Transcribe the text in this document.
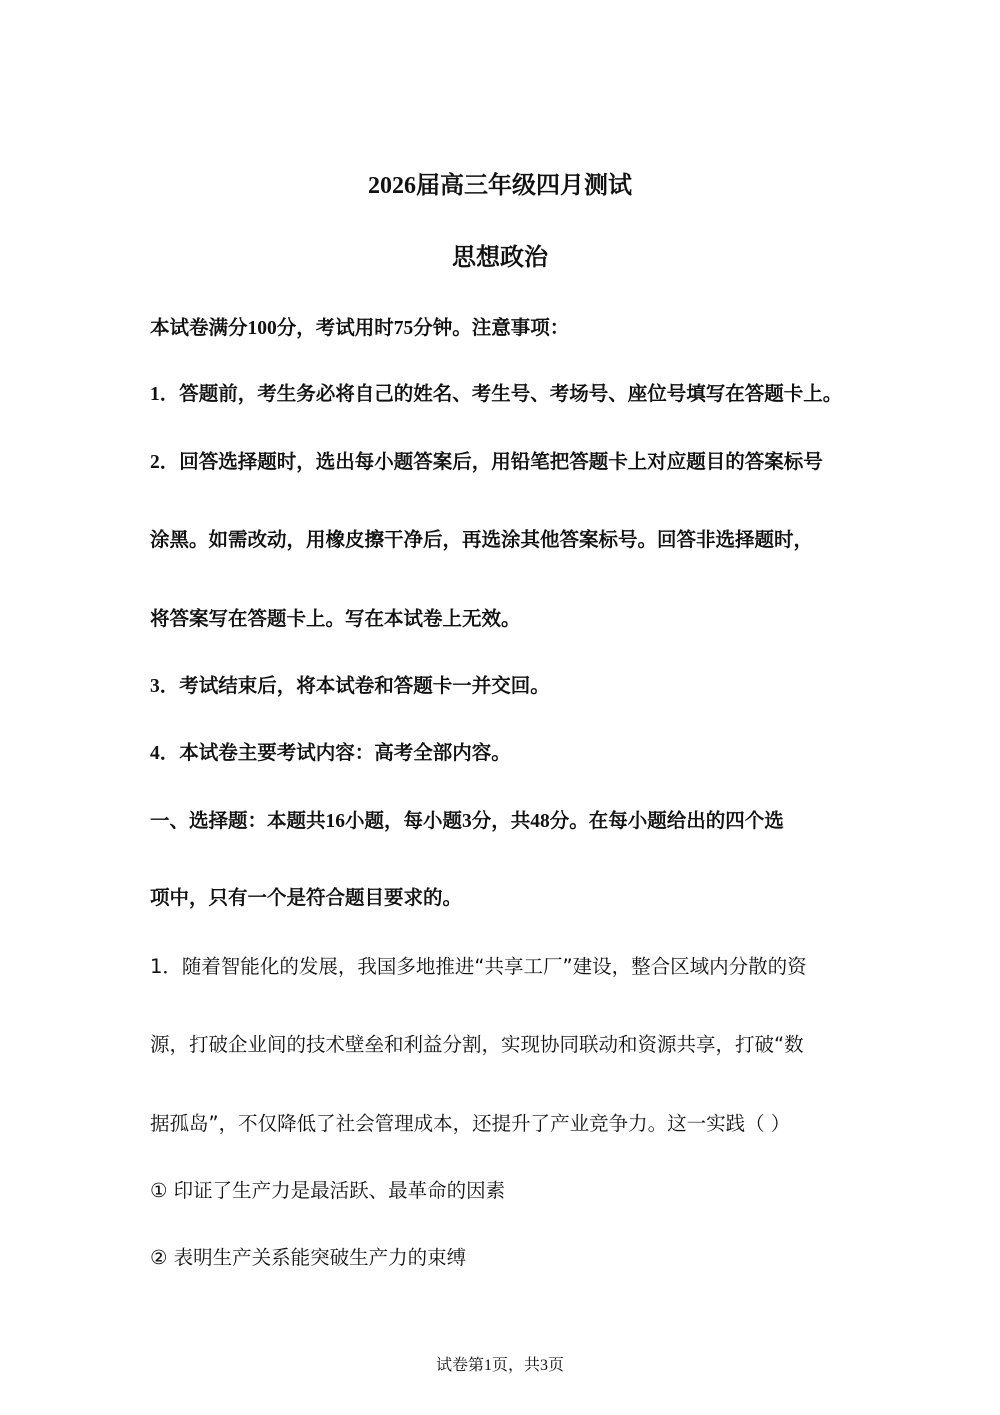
2026届高三年级四月测试
思想政治
本试卷满分100分，考试用时75分钟。注意事项：
1．答题前，考生务必将自己的姓名、考生号、考场号、座位号填写在答题卡上。
2．回答选择题时，选出每小题答案后，用铅笔把答题卡上对应题目的答案标号
涂黑。如需改动，用橡皮擦干净后，再选涂其他答案标号。回答非选择题时，
将答案写在答题卡上。写在本试卷上无效。
3．考试结束后，将本试卷和答题卡一并交回。
4．本试卷主要考试内容：高考全部内容。
一、选择题：本题共16小题，每小题3分，共48分。在每小题给出的四个选
项中，只有一个是符合题目要求的。
1．随着智能化的发展，我国多地推进“共享工厂”建设，整合区域内分散的资
源，打破企业间的技术壁垒和利益分割，实现协同联动和资源共享，打破“数
据孤岛”，不仅降低了社会管理成本，还提升了产业竞争力。这一实践（ ）
① 印证了生产力是最活跃、最革命的因素
② 表明生产关系能突破生产力的束缚
试卷第1页，共3页
